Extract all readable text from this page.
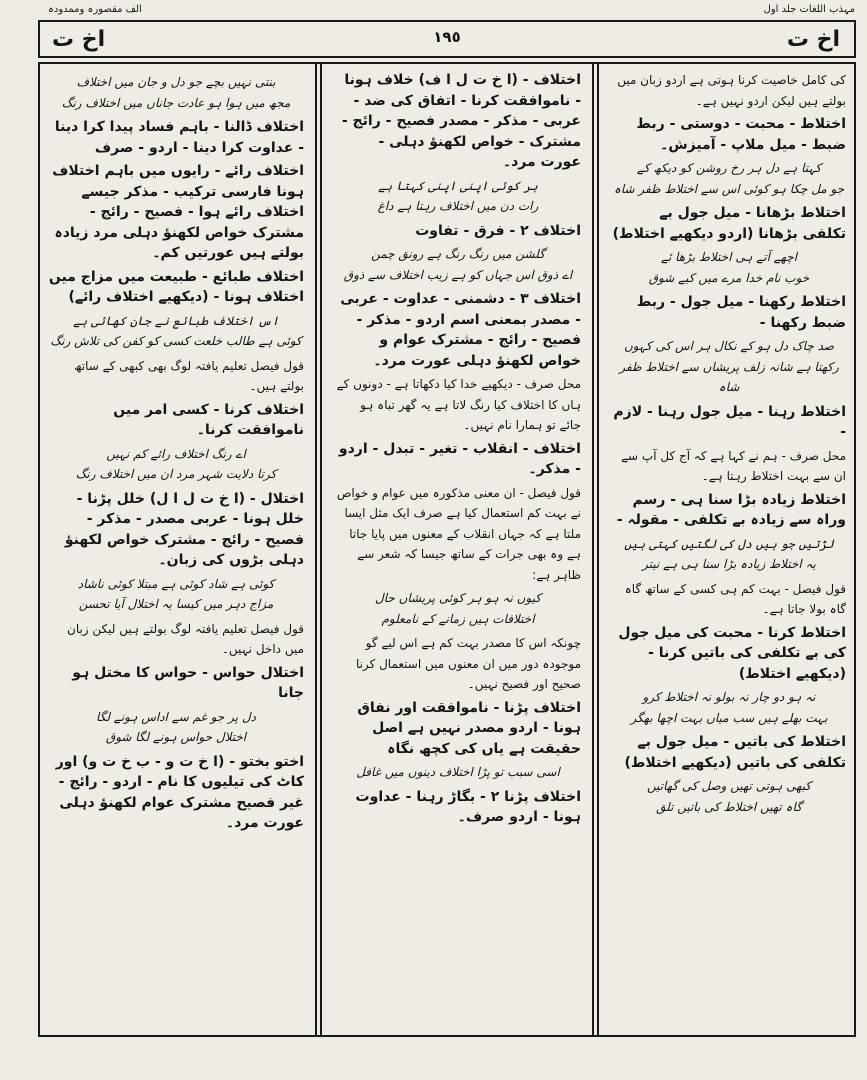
الف مقصورہ وممدودہ	مہذب اللغات جلد اول
اخ ت	١٩٥	اخ ت

کی کامل خاصیت کرنا ہوتی ہے اردو زبان میں بولتے ہیں لیکن اردو نہیں ہے۔

اختلاط - محبت - دوستی - ربط ضبط - میل ملاپ - آمیزش۔

کہتا ہے دل ہر رخ روشن کو دیکھ کے
جو مل چکا ہو کوئی اس سے اختلاط ظفر شاہ

اختلاط بڑھانا - میل جول بے تکلفی بڑھانا (اردو دیکھیے اختلاط)

اچھے آتے ہی اختلاط بڑھا ئے
خوب نام خدا مرے میں کیے شوق

اختلاط رکھنا - میل جول - ربط ضبط رکھنا -

صد چاک دل ہو کے نکال ہر اس کی کہوں
رکھتا ہے شانہ زلف پریشاں سے اختلاط ظفر شاہ

اختلاط رہنا - میل جول رہنا - لازم -

محل صرف - ہم نے کہا ہے کہ آج کل آپ سے ان سے بہت اختلاط رہتا ہے۔

اختلاط زیادہ بڑا سنا ہی - رسم وراہ سے زیادہ بے تکلفی - مقولہ -

لڑتیں جو ہیں دل کی لگتیں کہتی ہیں
یہ اختلاط زیادہ بڑا سنا ہی ہے نیتر

قول فیصل - بہت کم ہی کسی کے ساتھ گاہ گاہ بولا جاتا ہے۔

اختلاط کرنا - محبت کی میل جول کی بے تکلفی کی باتیں کرنا - (دیکھیے اختلاط)

نہ ہو دو چار نہ بولو نہ اختلاط کرو
بہت بھلے ہیں سب میاں بہت اچھا بھگر

اختلاط کی باتیں - میل جول بے تکلفی کی باتیں (دیکھیے اختلاط)

کبھی ہوتی تھیں وصل کی گھاتیں
گاہ تھیں اختلاط کی باتیں تلق

اختلاف - (ا خ ت ل ا ف) خلاف ہونا - ناموافقت کرنا - اتفاق کی ضد - عربی - مذکر - مصدر فصیح - رائج - مشترک - خواص لکھنؤ دہلی - عورت مرد۔

ہر کوئی اپنی اپنی کہتا ہے
رات دن میں اختلاف رہتا ہے داغ

اختلاف ٢ - فرق - تفاوت

گلشن میں رنگ رنگ ہے رونق چمن
اے ذوق اس جہاں کو ہے زیب اختلاف سے ذوق

اختلاف ٣ - دشمنی - عداوت - عربی - مصدر بمعنی اسم اردو - مذکر - فصیح - رائج - مشترک عوام و خواص لکھنؤ دہلی عورت مرد۔

محل صرف - دیکھیے خدا کیا دکھاتا ہے - دونوں کے ہاں کا اختلاف کیا رنگ لاتا ہے یہ گھر تباہ ہو جائے تو ہمارا نام نہیں۔

اختلاف - انقلاب - تغیر - تبدل - اردو - مذکر۔

قول فیصل - ان معنی مذکورہ میں عوام و خواص نے بہت کم استعمال کیا ہے صرف ایک مثل ایسا ملتا ہے کہ جہاں انقلاب کے معنوں میں پایا جاتا ہے وہ بھی جرات کے ساتھ جیسا کہ شعر سے ظاہر ہے:

کیوں نہ ہو ہر کوئی پریشاں حال
اختلافات ہیں زمانے کے نامعلوم

چونکہ اس کا مصدر بہت کم ہے اس لیے گو موجودہ دور میں ان معنوں میں استعمال کرنا صحیح اور فصیح نہیں۔

اختلاف پڑنا - ناموافقت اور نفاق ہونا - اردو مصدر نہیں ہے اصل حقیقت ہے یاں کی کچھ نگاہ

اسی سبب تو پڑا اختلاف دینوں میں غافل

اختلاف پڑنا ٢ - بگاڑ رہنا - عداوت ہونا - اردو صرف۔

بنتی نہیں بچے جو دل و جان میں اختلاف
مجھ میں ہوا ہو عادت جاناں میں اختلاف رنگ

اختلاف ڈالنا - باہم فساد پیدا کرا دینا - عداوت کرا دینا - اردو - صرف

اختلاف رائے - رایوں میں باہم اختلاف ہونا فارسی ترکیب - مذکر جیسے اختلاف رائے ہوا - فصیح - رائج - مشترک خواص لکھنؤ دہلی مرد زیادہ بولتے ہیں عورتیں کم۔

اختلاف طبائع - طبیعت میں مزاج میں اختلاف ہونا - (دیکھیے اختلاف رائے)

اس اختلاف طبائع نے جان کھائی ہے
کوئی ہے طالب خلعت کسی کو کفن کی تلاش رنگ

قول فیصل تعلیم یافتہ لوگ بھی کبھی کے ساتھ بولتے ہیں۔

اختلاف کرنا - کسی امر میں ناموافقت کرنا۔

اے رنگ اختلاف رائے کم نہیں
کرتا دلایت شہر مرد ان میں اختلاف رنگ

اختلال - (ا خ ت ل ا ل) خلل پڑنا - خلل ہونا - عربی مصدر - مذکر - فصیح - رائج - مشترک خواص لکھنؤ دہلی بڑوں کی زبان۔

کوئی ہے شاد کوئی ہے مبتلا کوئی ناشاد
مزاج دہر میں کیسا یہ اختلال آیا تحسن

قول فیصل تعلیم یافتہ لوگ بولتے ہیں لیکن زبان میں داخل نہیں۔

اختلال حواس - حواس کا مختل ہو جانا

دل پر جو غم سے اداس ہونے لگا
اختلال حواس ہونے لگا شوق

اختو بختو - (ا خ ت و - ب خ ت و) اور کاٹ کی تیلیوں کا نام - اردو - رائج - غیر فصیح مشترک عوام لکھنؤ دہلی عورت مرد۔
